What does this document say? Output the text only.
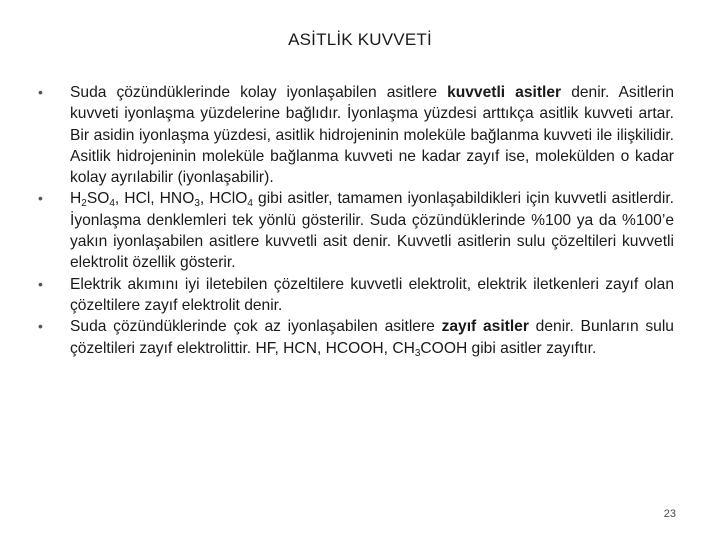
ASİTLİK KUVVETİ
• Suda çözündüklerinde kolay iyonlaşabilen asitlere kuvvetli asitler denir. Asitlerin kuvveti iyonlaşma yüzdelerine bağlıdır. İyonlaşma yüzdesi arttıkça asitlik kuvveti artar. Bir asidin iyonlaşma yüzdesi, asitlik hidrojeninin moleküle bağlanma kuvveti ile ilişkilidir. Asitlik hidrojeninin moleküle bağlanma kuvveti ne kadar zayıf ise, molekülden o kadar kolay ayrılabilir (iyonlaşabilir).
• $H_2SO_4$, HCl, $HNO_3$, HClO$_4$ gibi asitler, tamamen iyonlaşabildikleri için kuvvetli asitlerdir. İyonlaşma denklemleri tek yönlü gösterilir. Suda çözündüklerinde %100 ya da %100’e yakın iyonlaşabilen asitlere kuvvetli asit denir. Kuvvetli asitlerin sulu çözeltileri kuvvetli elektrolit özellik gösterir.
• Elektrik akımını iyi iletebilen çözeltilere kuvvetli elektrolit, elektrik iletkenleri zayıf olan çözeltilere zayıf elektrolit denir.
• Suda çözündüklerinde çok az iyonlaşabilen asitlere zayıf asitler denir. Bunların sulu çözeltileri zayıf elektrolittir. HF, HCN, HCOOH, $CH_3COOH$ gibi asitler zayıftır.
23
